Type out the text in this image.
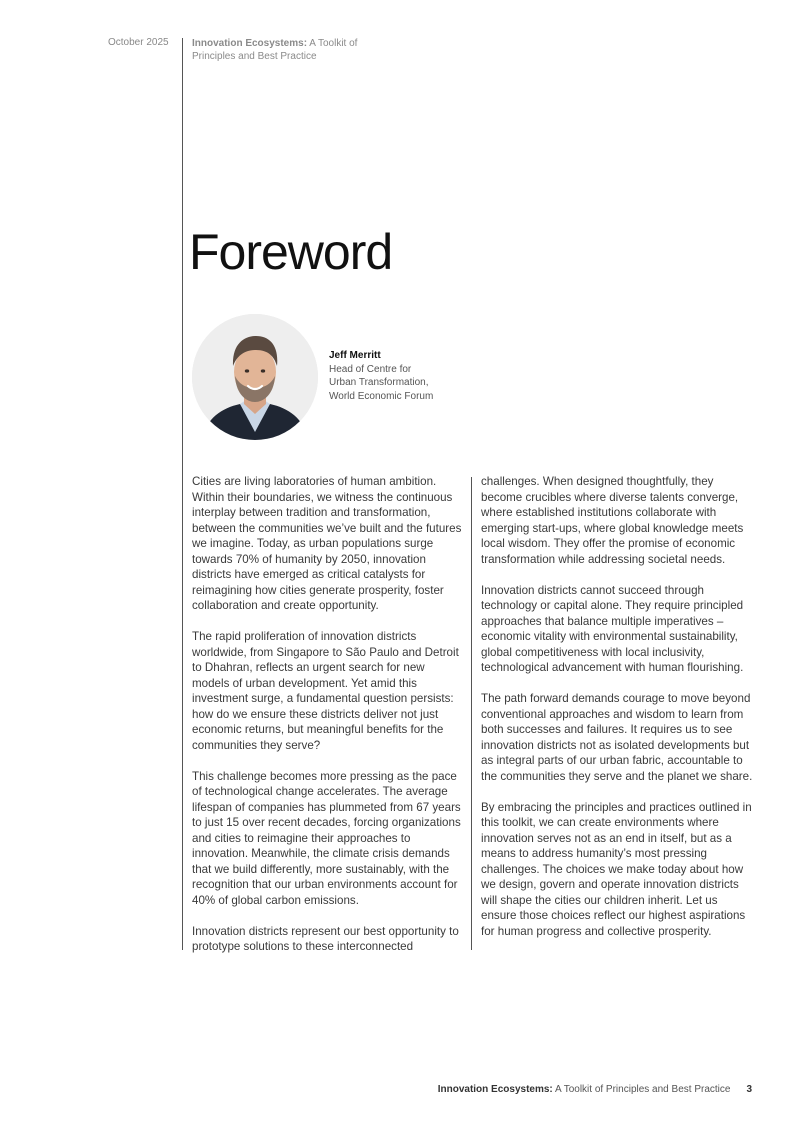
October 2025	Innovation Ecosystems: A Toolkit of Principles and Best Practice
Foreword
Jeff Merritt
Head of Centre for
Urban Transformation,
World Economic Forum

Cities are living laboratories of human ambition. Within their boundaries, we witness the continuous interplay between tradition and transformation, between the communities we’ve built and the futures we imagine. Today, as urban populations surge towards 70% of humanity by 2050, innovation districts have emerged as critical catalysts for reimagining how cities generate prosperity, foster collaboration and create opportunity.

The rapid proliferation of innovation districts worldwide, from Singapore to São Paulo and Detroit to Dhahran, reflects an urgent search for new models of urban development. Yet amid this investment surge, a fundamental question persists: how do we ensure these districts deliver not just economic returns, but meaningful benefits for the communities they serve?

This challenge becomes more pressing as the pace of technological change accelerates. The average lifespan of companies has plummeted from 67 years to just 15 over recent decades, forcing organizations and cities to reimagine their approaches to innovation. Meanwhile, the climate crisis demands that we build differently, more sustainably, with the recognition that our urban environments account for 40% of global carbon emissions.

Innovation districts represent our best opportunity to prototype solutions to these interconnected

challenges. When designed thoughtfully, they become crucibles where diverse talents converge, where established institutions collaborate with emerging start-ups, where global knowledge meets local wisdom. They offer the promise of economic transformation while addressing societal needs.

Innovation districts cannot succeed through technology or capital alone. They require principled approaches that balance multiple imperatives – economic vitality with environmental sustainability, global competitiveness with local inclusivity, technological advancement with human flourishing.

The path forward demands courage to move beyond conventional approaches and wisdom to learn from both successes and failures. It requires us to see innovation districts not as isolated developments but as integral parts of our urban fabric, accountable to the communities they serve and the planet we share.

By embracing the principles and practices outlined in this toolkit, we can create environments where innovation serves not as an end in itself, but as a means to address humanity’s most pressing challenges. The choices we make today about how we design, govern and operate innovation districts will shape the cities our children inherit. Let us ensure those choices reflect our highest aspirations for human progress and collective prosperity.

Innovation Ecosystems: A Toolkit of Principles and Best Practice 3
